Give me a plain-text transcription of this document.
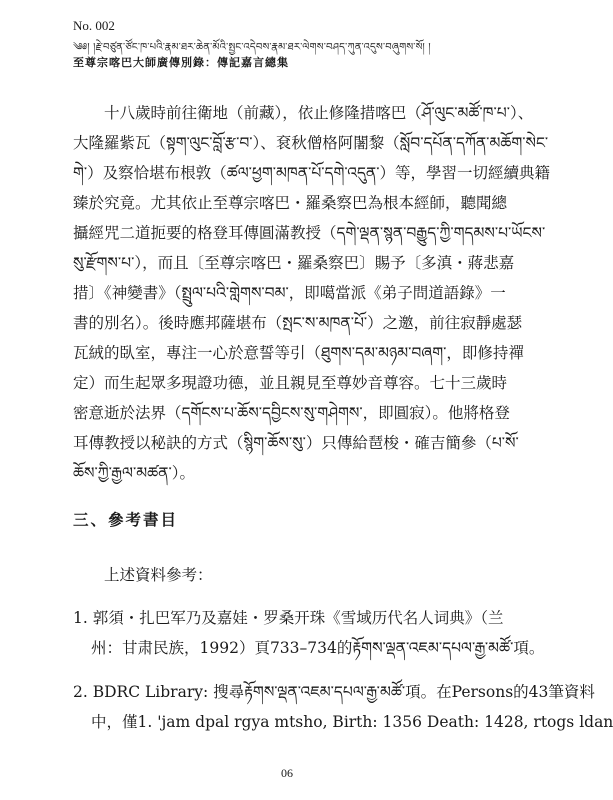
No. 002
༄༅། །རྗེ་བཙུན་ཙོང་ཁ་པའི་རྣམ་ཐར་ཆེན་མོའི་སྤྱང་འདེབས་རྣམ་ཐར་ལེགས་བཤད་ཀུན་འདུས་བཞུགས་སོ། །
至尊宗喀巴大師廣傳別錄：傳記嘉言總集
十八歲時前往衛地（前藏），依止修隆措喀巴（ཤོ་ལུང་མཚོ་ཁ་པ་）、
大隆羅紫瓦（སྟག་ལུང་བློ་རྩ་བ་）、袞秋僧格阿闍黎（སློབ་དཔོན་དཀོན་མཆོག་སེང་
གེ་）及察恰堪布根敦（ཚལ་ཕྱག་མཁན་པོ་དགེ་འདུན་）等，學習一切經續典籍
臻於究竟。尤其依止至尊宗喀巴・羅桑察巴為根本經師，聽聞總
攝經咒二道扼要的格登耳傳圓滿教授（དགེ་ལྡན་སྙན་བརྒྱུད་ཀྱི་གདམས་པ་ཡོངས་
སུ་རྫོགས་པ་），而且〔至尊宗喀巴・羅桑察巴〕賜予〔多滇・蔣悲嘉
措〕《神變書》（སྤྲུལ་པའི་གླེགས་བམ་，即噶當派《弟子問道語錄》一
書的別名）。後時應邦薩堪布（སྤང་ས་མཁན་པོ་）之邀，前往寂靜處瑟
瓦絨的臥室，專注一心於意誓等引（ཐུགས་དམ་མཉམ་བཞག་，即修持禪
定）而生起眾多現證功德，並且親見至尊妙音尊容。七十三歲時
密意逝於法界（དགོངས་པ་ཆོས་དབྱིངས་སུ་གཤེགས་，即圓寂）。他將格登
耳傳教授以秘訣的方式（སྙིག་ཆོས་སུ་）只傳給琶梭・確吉簡參（པ་སོ་
ཆོས་ཀྱི་རྒྱལ་མཚན་）。
三、參考書目
上述資料參考：
1. 郭須・扎巴军乃及嘉娃・罗桑开珠《雪域历代名人词典》（兰
州：甘肃民族，1992）頁733–734的རྟོགས་ལྡན་འཇམ་དཔལ་རྒྱ་མཚོ་項。
2. BDRC Library: 搜尋རྟོགས་ལྡན་འཇམ་དཔལ་རྒྱ་མཚོ་項。在Persons的43筆資料
中，僅1. 'jam dpal rgya mtsho, Birth: 1356 Death: 1428, rtogs ldan
06
